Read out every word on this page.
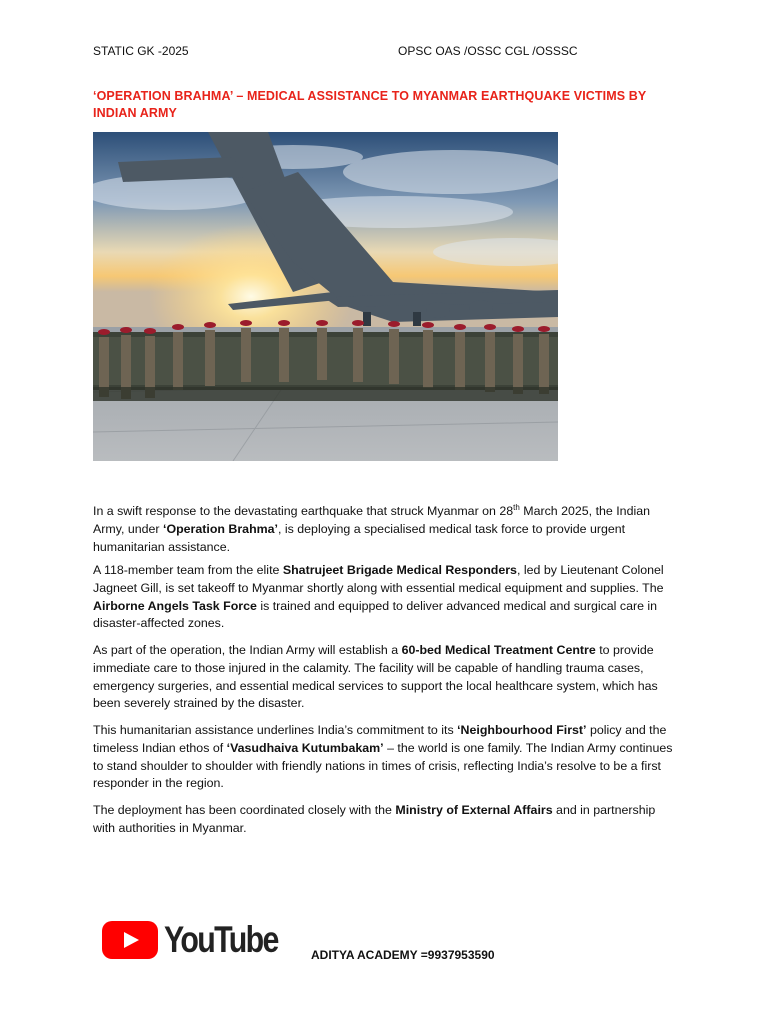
STATIC GK -2025	OPSC OAS /OSSC CGL /OSSSC
‘OPERATION BRAHMA’ – MEDICAL ASSISTANCE TO MYANMAR EARTHQUAKE VICTIMS BY INDIAN ARMY

In a swift response to the devastating earthquake that struck Myanmar on 28th March 2025, the Indian Army, under ‘Operation Brahma’, is deploying a specialised medical task force to provide urgent humanitarian assistance.

A 118-member team from the elite Shatrujeet Brigade Medical Responders, led by Lieutenant Colonel Jagneet Gill, is set takeoff to Myanmar shortly along with essential medical equipment and supplies. The Airborne Angels Task Force is trained and equipped to deliver advanced medical and surgical care in disaster-affected zones.

As part of the operation, the Indian Army will establish a 60-bed Medical Treatment Centre to provide immediate care to those injured in the calamity. The facility will be capable of handling trauma cases, emergency surgeries, and essential medical services to support the local healthcare system, which has been severely strained by the disaster.

This humanitarian assistance underlines India’s commitment to its ‘Neighbourhood First’ policy and the timeless Indian ethos of ‘Vasudhaiva Kutumbakam’ – the world is one family. The Indian Army continues to stand shoulder to shoulder with friendly nations in times of crisis, reflecting India’s resolve to be a first responder in the region.

The deployment has been coordinated closely with the Ministry of External Affairs and in partnership with authorities in Myanmar.

YouTube	ADITYA ACADEMY =9937953590
